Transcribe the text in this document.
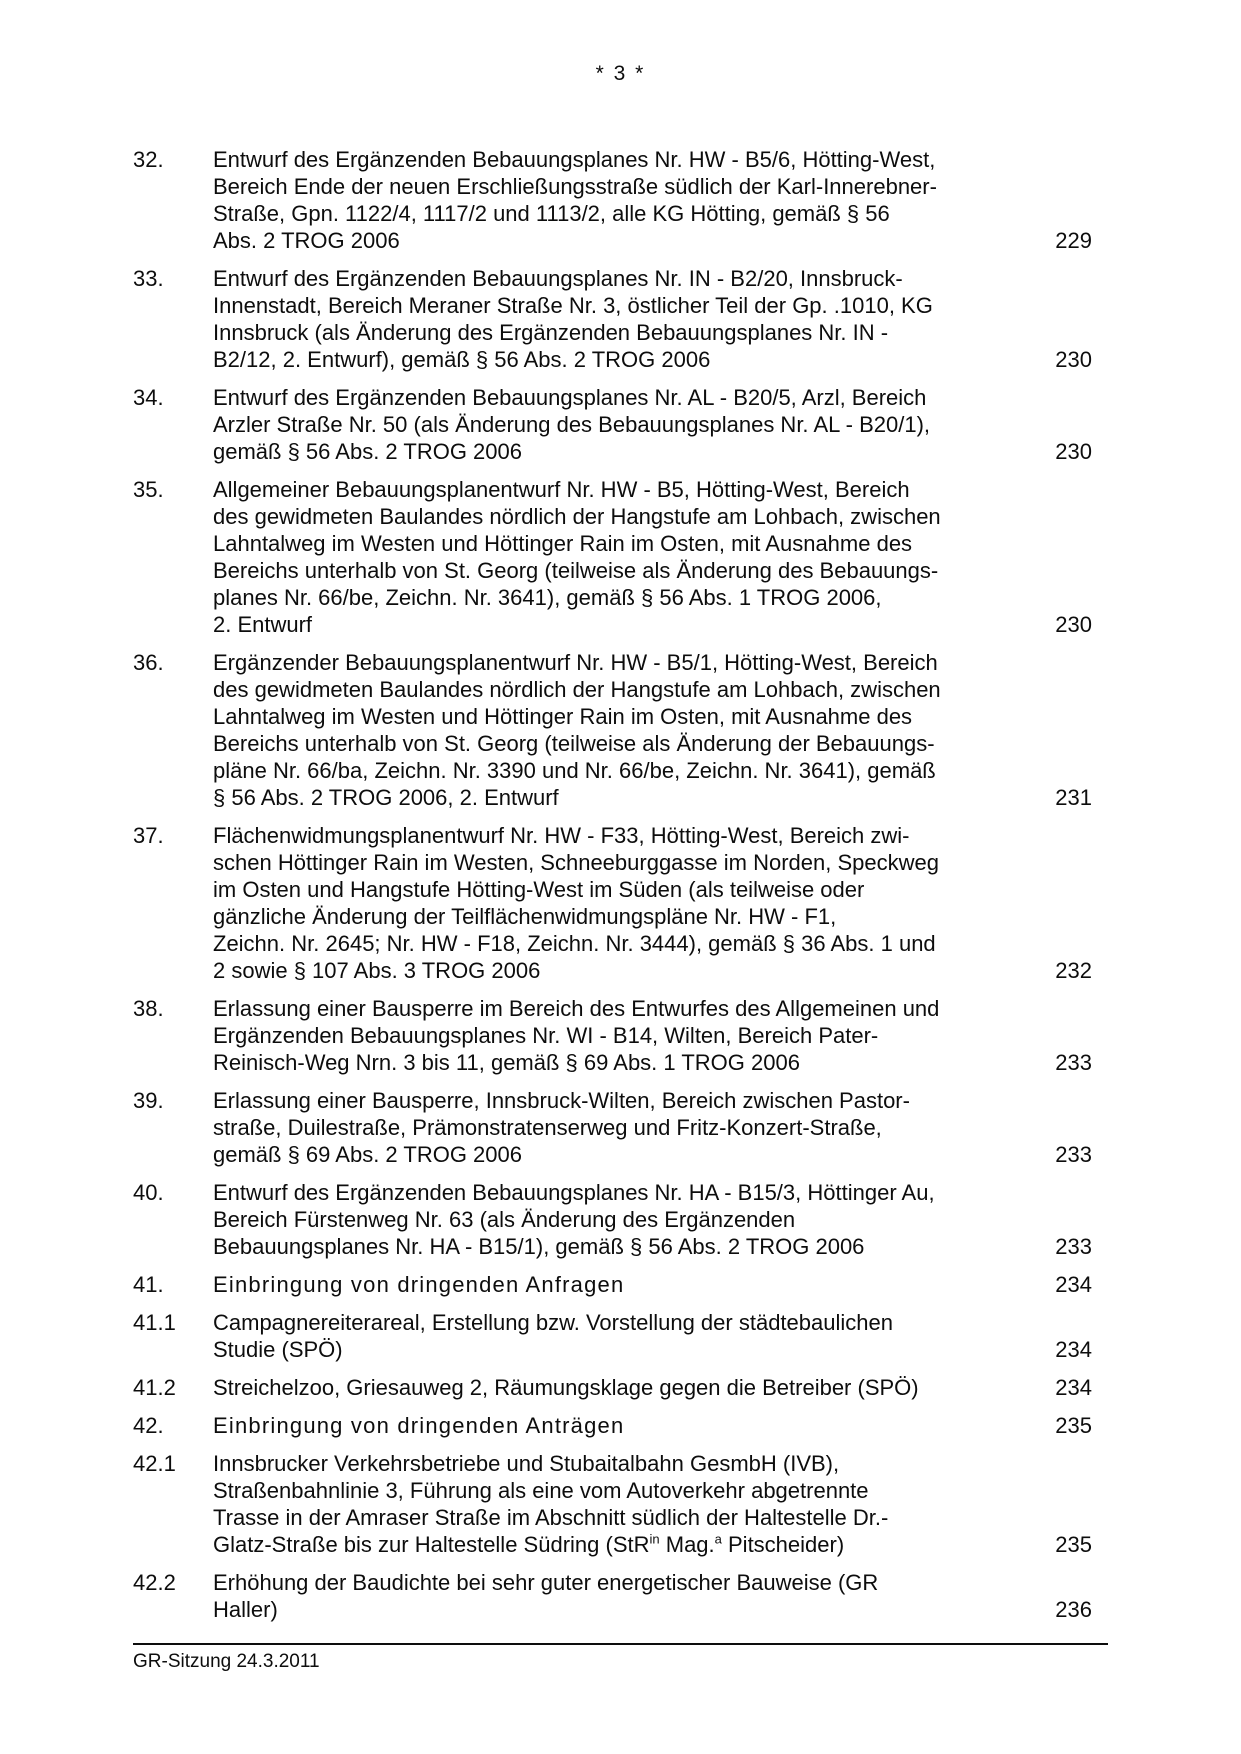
* 3 *
32.	Entwurf des Ergänzenden Bebauungsplanes Nr. HW - B5/6, Hötting-West,
Bereich Ende der neuen Erschließungsstraße südlich der Karl-Innerebner-
Straße, Gpn. 1122/4, 1117/2 und 1113/2, alle KG Hötting, gemäß § 56
Abs. 2 TROG 2006	229
33.	Entwurf des Ergänzenden Bebauungsplanes Nr. IN - B2/20, Innsbruck-
Innenstadt, Bereich Meraner Straße Nr. 3, östlicher Teil der Gp. .1010, KG
Innsbruck (als Änderung des Ergänzenden Bebauungsplanes Nr. IN -
B2/12, 2. Entwurf), gemäß § 56 Abs. 2 TROG 2006	230
34.	Entwurf des Ergänzenden Bebauungsplanes Nr. AL - B20/5, Arzl, Bereich
Arzler Straße Nr. 50 (als Änderung des Bebauungsplanes Nr. AL - B20/1),
gemäß § 56 Abs. 2 TROG 2006	230
35.	Allgemeiner Bebauungsplanentwurf Nr. HW - B5, Hötting-West, Bereich
des gewidmeten Baulandes nördlich der Hangstufe am Lohbach, zwischen
Lahntalweg im Westen und Höttinger Rain im Osten, mit Ausnahme des
Bereichs unterhalb von St. Georg (teilweise als Änderung des Bebauungs-
planes Nr. 66/be, Zeichn. Nr. 3641), gemäß § 56 Abs. 1 TROG 2006,
2. Entwurf	230
36.	Ergänzender Bebauungsplanentwurf Nr. HW - B5/1, Hötting-West, Bereich
des gewidmeten Baulandes nördlich der Hangstufe am Lohbach, zwischen
Lahntalweg im Westen und Höttinger Rain im Osten, mit Ausnahme des
Bereichs unterhalb von St. Georg (teilweise als Änderung der Bebauungs-
pläne Nr. 66/ba, Zeichn. Nr. 3390 und Nr. 66/be, Zeichn. Nr. 3641), gemäß
§ 56 Abs. 2 TROG 2006, 2. Entwurf	231
37.	Flächenwidmungsplanentwurf Nr. HW - F33, Hötting-West, Bereich zwi-
schen Höttinger Rain im Westen, Schneeburggasse im Norden, Speckweg
im Osten und Hangstufe Hötting-West im Süden (als teilweise oder
gänzliche Änderung der Teilflächenwidmungspläne Nr. HW - F1,
Zeichn. Nr. 2645; Nr. HW - F18, Zeichn. Nr. 3444), gemäß § 36 Abs. 1 und
2 sowie § 107 Abs. 3 TROG 2006	232
38.	Erlassung einer Bausperre im Bereich des Entwurfes des Allgemeinen und
Ergänzenden Bebauungsplanes Nr. WI - B14, Wilten, Bereich Pater-
Reinisch-Weg Nrn. 3 bis 11, gemäß § 69 Abs. 1 TROG 2006	233
39.	Erlassung einer Bausperre, Innsbruck-Wilten, Bereich zwischen Pastor-
straße, Duilestraße, Prämonstratenserweg und Fritz-Konzert-Straße,
gemäß § 69 Abs. 2 TROG 2006	233
40.	Entwurf des Ergänzenden Bebauungsplanes Nr. HA - B15/3, Höttinger Au,
Bereich Fürstenweg Nr. 63 (als Änderung des Ergänzenden
Bebauungsplanes Nr. HA - B15/1), gemäß § 56 Abs. 2 TROG 2006	233
41.	Einbringung von dringenden Anfragen	234
41.1	Campagnereiterareal, Erstellung bzw. Vorstellung der städtebaulichen
Studie (SPÖ)	234
41.2	Streichelzoo, Griesauweg 2, Räumungsklage gegen die Betreiber (SPÖ)	234
42.	Einbringung von dringenden Anträgen	235
42.1	Innsbrucker Verkehrsbetriebe und Stubaitalbahn GesmbH (IVB),
Straßenbahnlinie 3, Führung als eine vom Autoverkehr abgetrennte
Trasse in der Amraser Straße im Abschnitt südlich der Haltestelle Dr.-
Glatz-Straße bis zur Haltestelle Südring (StR$^{in}$ Mag.$^a$ Pitscheider)	235
42.2	Erhöhung der Baudichte bei sehr guter energetischer Bauweise (GR
Haller)	236
GR-Sitzung 24.3.2011
